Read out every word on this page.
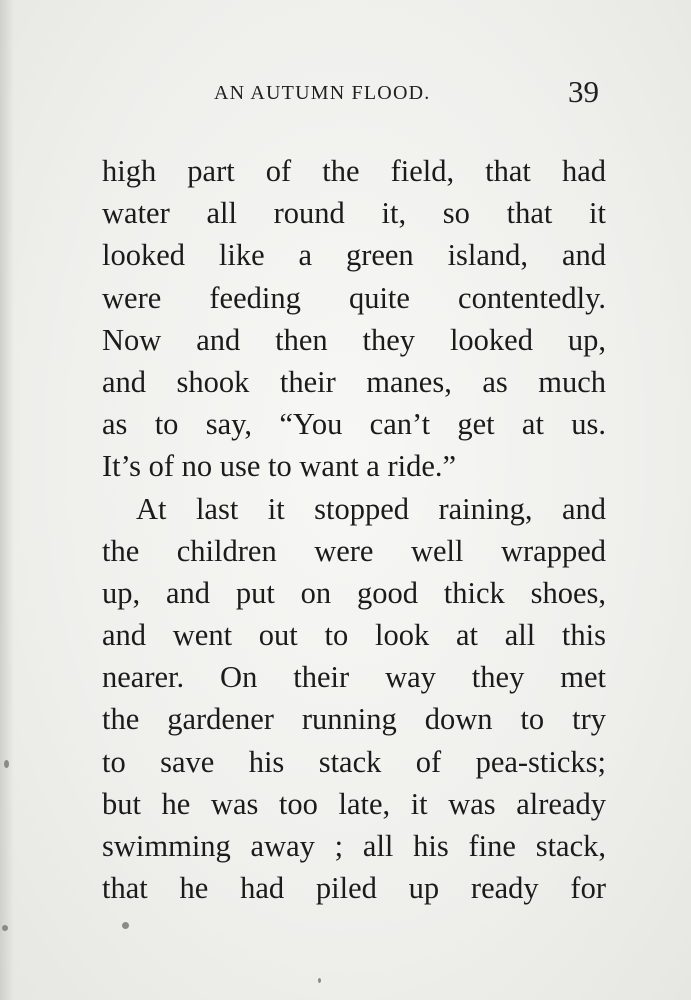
AN AUTUMN FLOOD.	39
high part of the field, that had
water all round it, so that it
looked like a green island, and
were feeding quite contentedly.
Now and then they looked up,
and shook their manes, as much
as to say, “You can’t get at us.
It’s of no use to want a ride.”
At last it stopped raining, and
the children were well wrapped
up, and put on good thick shoes,
and went out to look at all this
nearer. On their way they met
the gardener running down to try
to save his stack of pea-sticks;
but he was too late, it was already
swimming away ; all his fine stack,
that he had piled up ready for
